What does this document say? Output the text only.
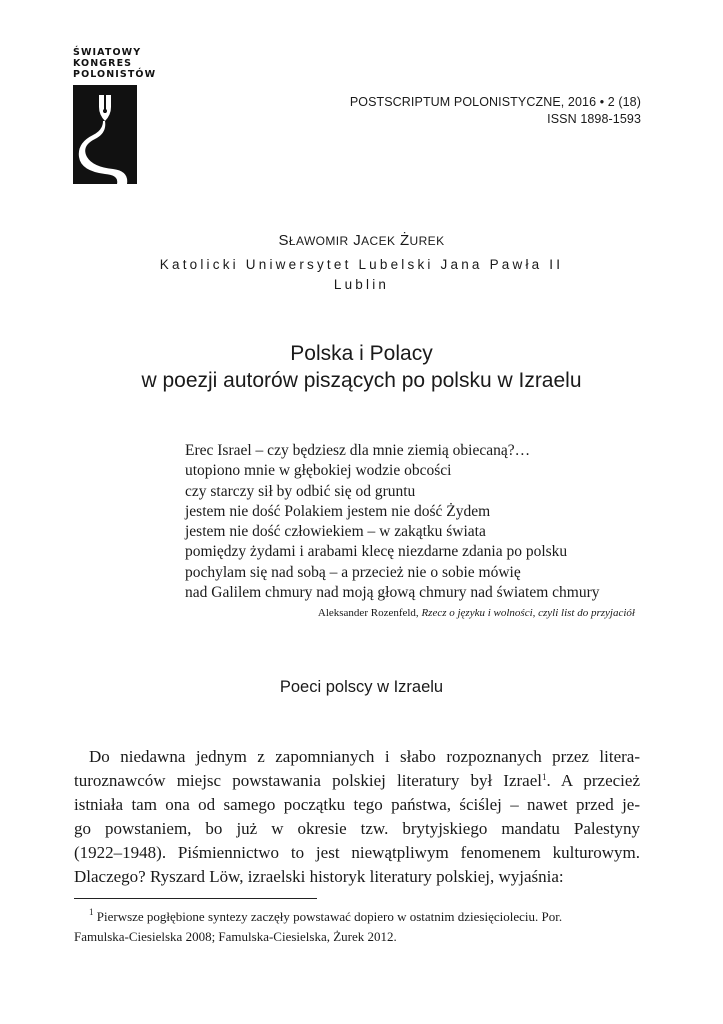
ŚWIATOWY
KONGRES
POLONISTÓW
POSTSCRIPTUM POLONISTYCZNE, 2016 • 2 (18)
ISSN 1898-1593
SŁAWOMIR JACEK ŻUREK
Katolicki Uniwersytet Lubelski Jana Pawła II
Lublin
Polska i Polacy
w poezji autorów piszących po polsku w Izraelu
Erec Israel – czy będziesz dla mnie ziemią obiecaną?…
utopiono mnie w głębokiej wodzie obcości
czy starczy sił by odbić się od gruntu
jestem nie dość Polakiem jestem nie dość Żydem
jestem nie dość człowiekiem – w zakątku świata
pomiędzy żydami i arabami klecę niezdarne zdania po polsku
pochylam się nad sobą – a przecież nie o sobie mówię
nad Galilem chmury nad moją głową chmury nad światem chmury
Aleksander Rozenfeld, Rzecz o języku i wolności, czyli list do przyjaciół
Poeci polscy w Izraelu
Do niedawna jednym z zapomnianych i słabo rozpoznanych przez litera-
turoznawców miejsc powstawania polskiej literatury był Izrael$^1$. A przecież
istniała tam ona od samego początku tego państwa, ściślej – nawet przed je-
go powstaniem, bo już w okresie tzw. brytyjskiego mandatu Palestyny
(1922–1948). Piśmiennictwo to jest niewątpliwym fenomenem kulturowym.
Dlaczego? Ryszard Löw, izraelski historyk literatury polskiej, wyjaśnia:
$^1$ Pierwsze pogłębione syntezy zaczęły powstawać dopiero w ostatnim dziesięcioleciu. Por.
Famulska-Ciesielska 2008; Famulska-Ciesielska, Żurek 2012.
